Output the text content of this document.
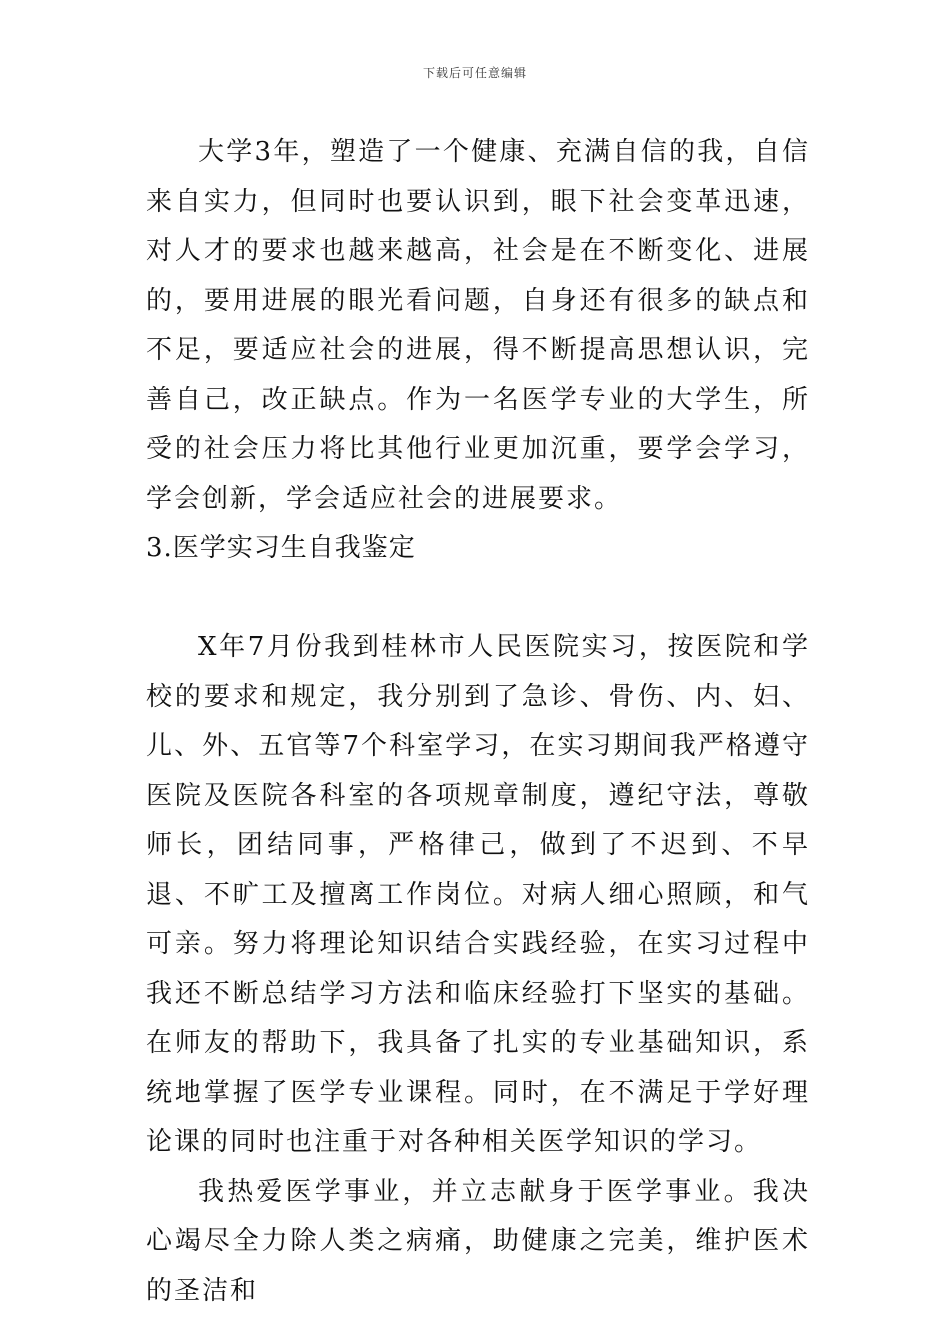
下载后可任意编辑

大学3年，塑造了一个健康、充满自信的我，自信来自实力，但同时也要认识到，眼下社会变革迅速，对人才的要求也越来越高，社会是在不断变化、进展的，要用进展的眼光看问题，自身还有很多的缺点和不足，要适应社会的进展，得不断提高思想认识，完善自己，改正缺点。作为一名医学专业的大学生，所受的社会压力将比其他行业更加沉重，要学会学习，学会创新，学会适应社会的进展要求。

3.医学实习生自我鉴定

X年7月份我到桂林市人民医院实习，按医院和学校的要求和规定，我分别到了急诊、骨伤、内、妇、儿、外、五官等7个科室学习，在实习期间我严格遵守医院及医院各科室的各项规章制度，遵纪守法，尊敬师长，团结同事，严格律己，做到了不迟到、不早退、不旷工及擅离工作岗位。对病人细心照顾，和气可亲。努力将理论知识结合实践经验，在实习过程中我还不断总结学习方法和临床经验打下坚实的基础。在师友的帮助下，我具备了扎实的专业基础知识，系统地掌握了医学专业课程。同时，在不满足于学好理论课的同时也注重于对各种相关医学知识的学习。

我热爱医学事业，并立志献身于医学事业。我决心竭尽全力除人类之病痛，助健康之完美，维护医术的圣洁和
